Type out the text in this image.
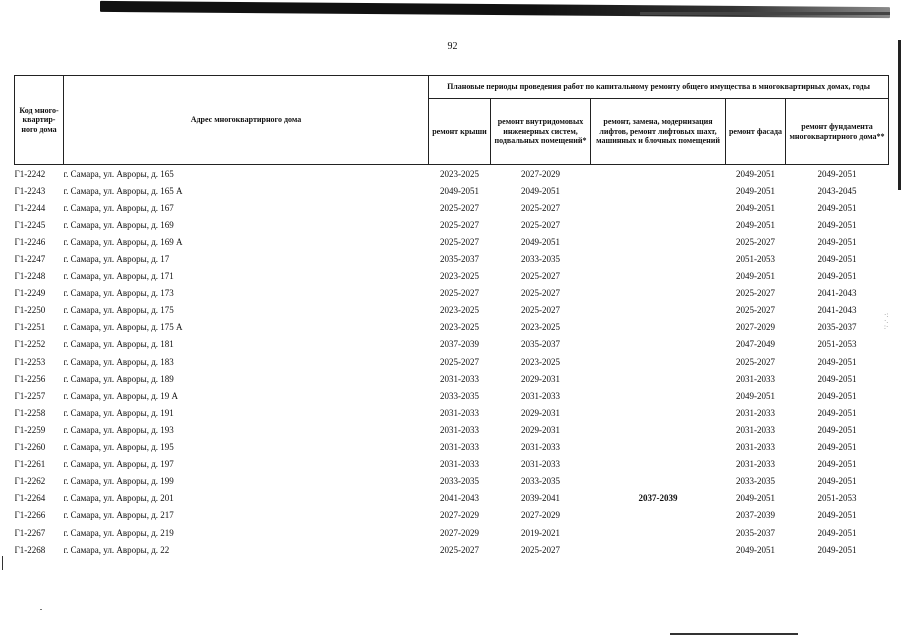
·:
·.
:·
92
Код много-квартир-ного дома	Адрес многоквартирного дома	Плановые периоды проведения работ по капитальному ремонту общего имущества в многоквартирных домах, годы				
		ремонт крыши	ремонт внутридомовых инженерных систем, подвальных помещений*	ремонт, замена, модернизация лифтов, ремонт лифтовых шахт, машинных и блочных помещений	ремонт фасада	ремонт фундамента многоквартирного дома**
Г1-2242	г. Самара, ул. Авроры, д. 165	2023-2025	2027-2029		2049-2051	2049-2051
Г1-2243	г. Самара, ул. Авроры, д. 165 А	2049-2051	2049-2051		2049-2051	2043-2045
Г1-2244	г. Самара, ул. Авроры, д. 167	2025-2027	2025-2027		2049-2051	2049-2051
Г1-2245	г. Самара, ул. Авроры, д. 169	2025-2027	2025-2027		2049-2051	2049-2051
Г1-2246	г. Самара, ул. Авроры, д. 169 А	2025-2027	2049-2051		2025-2027	2049-2051
Г1-2247	г. Самара, ул. Авроры, д. 17	2035-2037	2033-2035		2051-2053	2049-2051
Г1-2248	г. Самара, ул. Авроры, д. 171	2023-2025	2025-2027		2049-2051	2049-2051
Г1-2249	г. Самара, ул. Авроры, д. 173	2025-2027	2025-2027		2025-2027	2041-2043
Г1-2250	г. Самара, ул. Авроры, д. 175	2023-2025	2025-2027		2025-2027	2041-2043
Г1-2251	г. Самара, ул. Авроры, д. 175 А	2023-2025	2023-2025		2027-2029	2035-2037
Г1-2252	г. Самара, ул. Авроры, д. 181	2037-2039	2035-2037		2047-2049	2051-2053
Г1-2253	г. Самара, ул. Авроры, д. 183	2025-2027	2023-2025		2025-2027	2049-2051
Г1-2256	г. Самара, ул. Авроры, д. 189	2031-2033	2029-2031		2031-2033	2049-2051
Г1-2257	г. Самара, ул. Авроры, д. 19 А	2033-2035	2031-2033		2049-2051	2049-2051
Г1-2258	г. Самара, ул. Авроры, д. 191	2031-2033	2029-2031		2031-2033	2049-2051
Г1-2259	г. Самара, ул. Авроры, д. 193	2031-2033	2029-2031		2031-2033	2049-2051
Г1-2260	г. Самара, ул. Авроры, д. 195	2031-2033	2031-2033		2031-2033	2049-2051
Г1-2261	г. Самара, ул. Авроры, д. 197	2031-2033	2031-2033		2031-2033	2049-2051
Г1-2262	г. Самара, ул. Авроры, д. 199	2033-2035	2033-2035		2033-2035	2049-2051
Г1-2264	г. Самара, ул. Авроры, д. 201	2041-2043	2039-2041	2037-2039	2049-2051	2051-2053
Г1-2266	г. Самара, ул. Авроры, д. 217	2027-2029	2027-2029		2037-2039	2049-2051
Г1-2267	г. Самара, ул. Авроры, д. 219	2027-2029	2019-2021		2035-2037	2049-2051
Г1-2268	г. Самара, ул. Авроры, д. 22	2025-2027	2025-2027		2049-2051	2049-2051
